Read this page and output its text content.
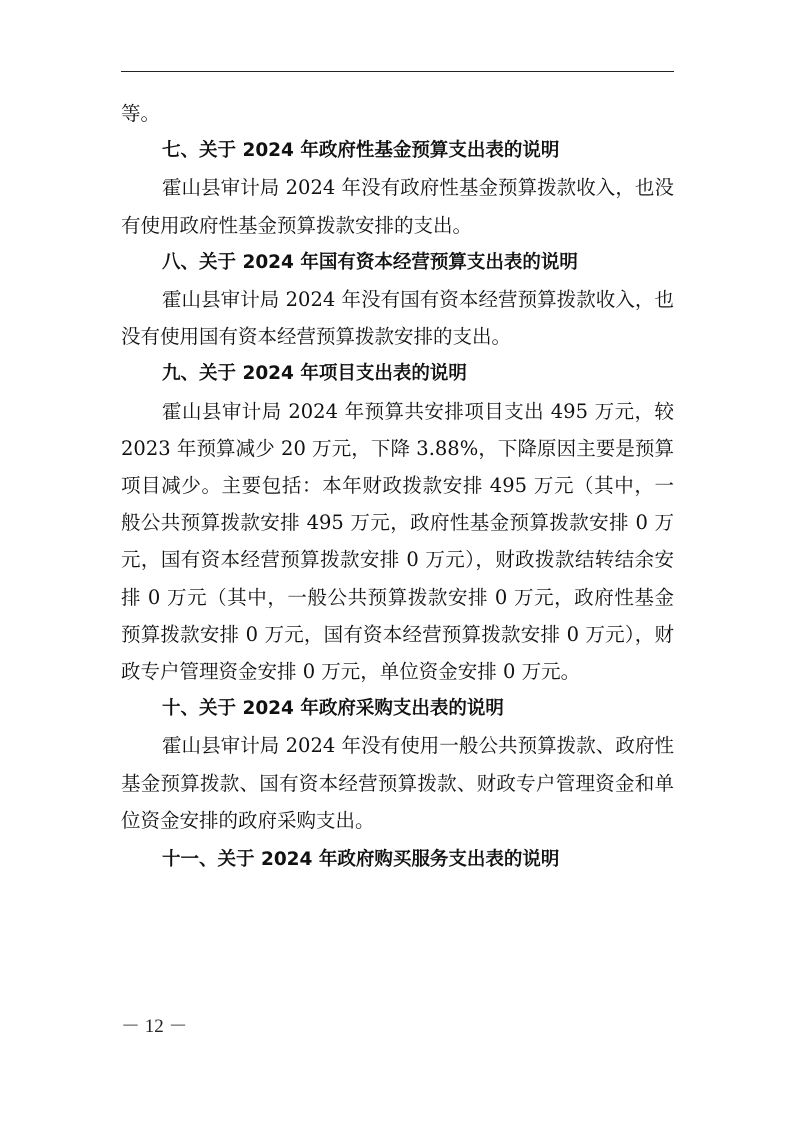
等。

七、关于 2024 年政府性基金预算支出表的说明

霍山县审计局 2024 年没有政府性基金预算拨款收入，也没有使用政府性基金预算拨款安排的支出。

八、关于 2024 年国有资本经营预算支出表的说明

霍山县审计局 2024 年没有国有资本经营预算拨款收入，也没有使用国有资本经营预算拨款安排的支出。

九、关于 2024 年项目支出表的说明

霍山县审计局 2024 年预算共安排项目支出 495 万元，较 2023 年预算减少 20 万元，下降 3.88%，下降原因主要是预算项目减少。主要包括：本年财政拨款安排 495 万元（其中，一般公共预算拨款安排 495 万元，政府性基金预算拨款安排 0 万元，国有资本经营预算拨款安排 0 万元），财政拨款结转结余安排 0 万元（其中，一般公共预算拨款安排 0 万元，政府性基金预算拨款安排 0 万元，国有资本经营预算拨款安排 0 万元），财政专户管理资金安排 0 万元，单位资金安排 0 万元。

十、关于 2024 年政府采购支出表的说明

霍山县审计局 2024 年没有使用一般公共预算拨款、政府性基金预算拨款、国有资本经营预算拨款、财政专户管理资金和单位资金安排的政府采购支出。

十一、关于 2024 年政府购买服务支出表的说明

－ 12 －
